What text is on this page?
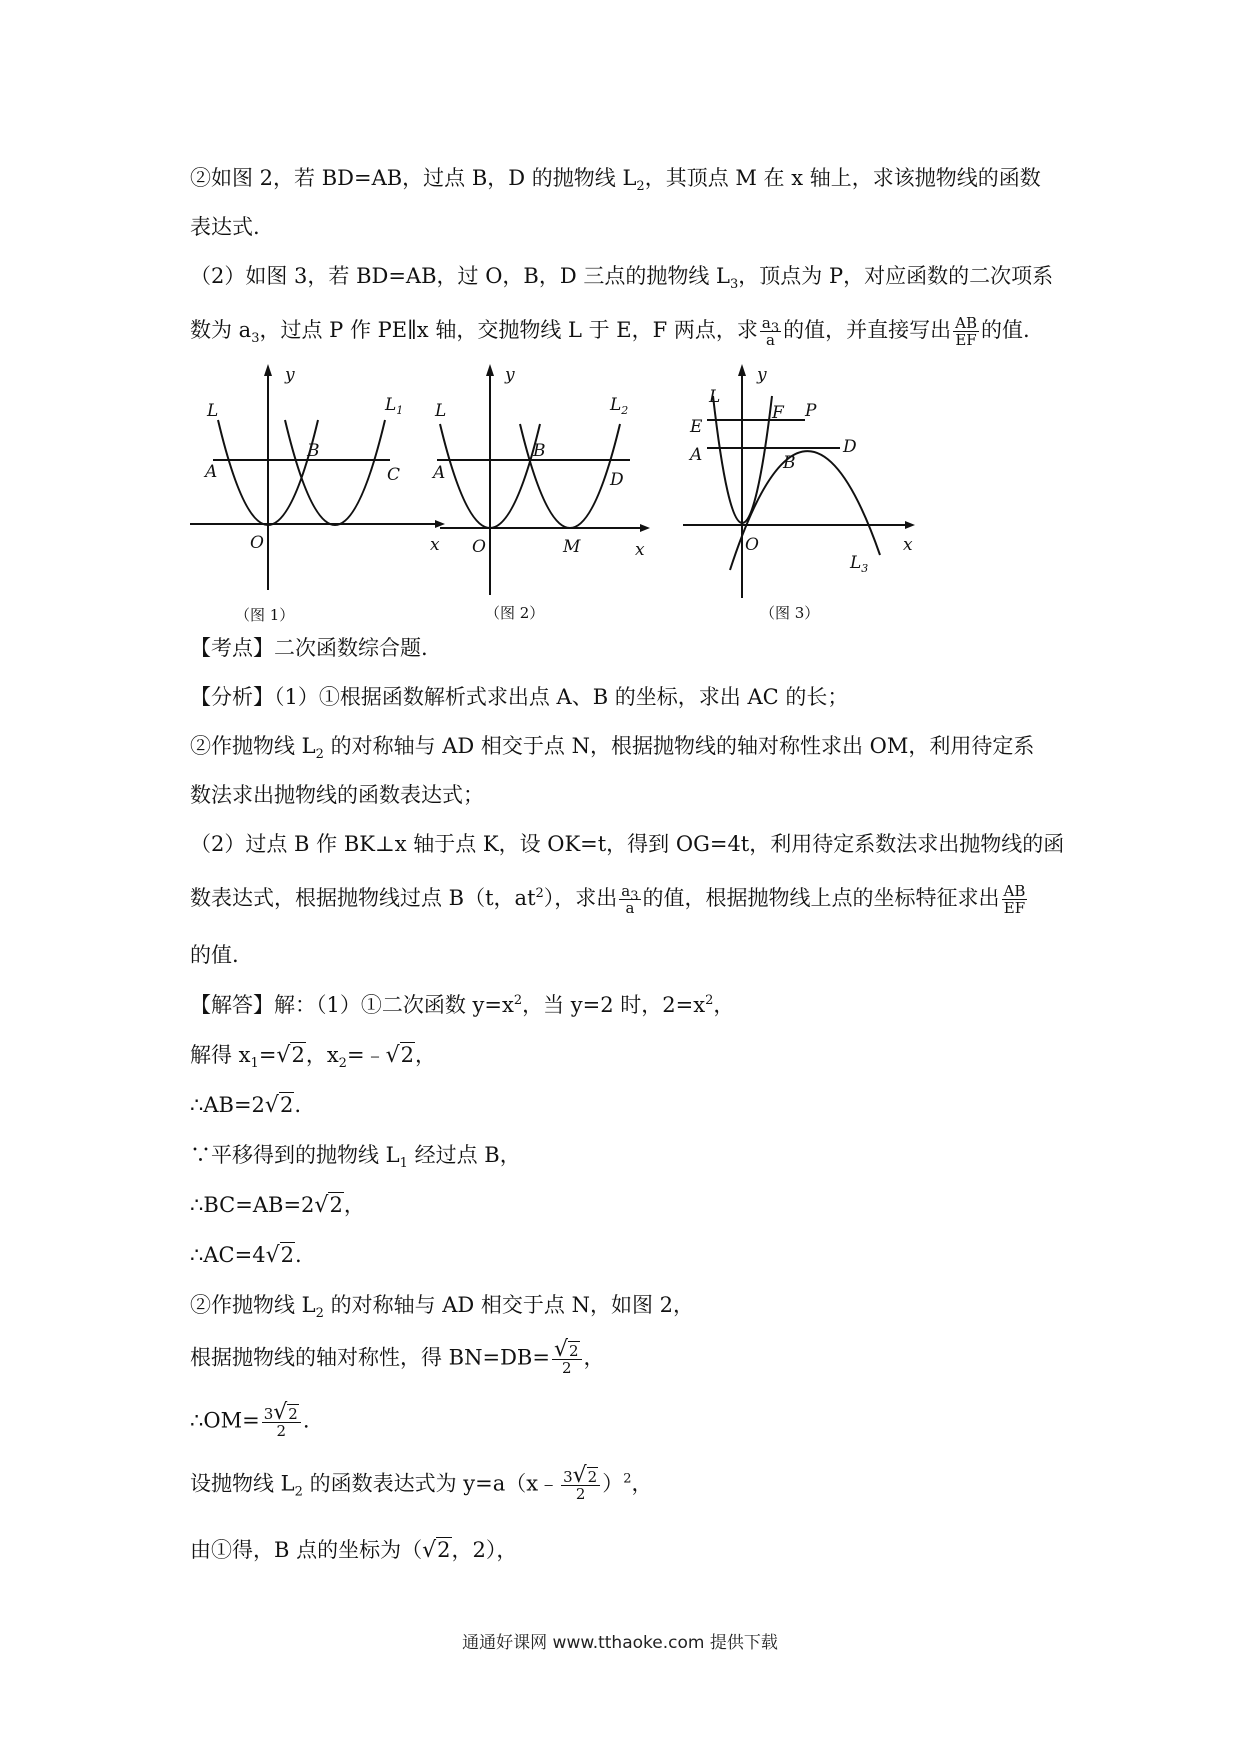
②如图 2，若 BD=AB，过点 B，D 的抛物线 $L_2$，其顶点 M 在 x 轴上，求该抛物线的函数
表达式.
（2）如图 3，若 BD=AB，过 O，B，D 三点的抛物线 $L_3$，顶点为 P，对应函数的二次项系
数为 $a_3$，过点 P 作 PE∥x 轴，交抛物线 L 于 E，F 两点，求 $\frac{a_3}{a}$ 的值，并直接写出 $\frac{AB}{EF}$ 的值.
y
x
O
L	$L_1$
A
B
C
（图 1）
y
x
O
L	$L_2$
A
B
D
M
（图 2）
y
x
O
L
$L_3$
E
A
F P
B
D
（图 3）
【考点】二次函数综合题.
【分析】（1）①根据函数解析式求出点 A、B 的坐标，求出 AC 的长；
②作抛物线 $L_2$ 的对称轴与 AD 相交于点 N，根据抛物线的轴对称性求出 OM，利用待定系
数法求出抛物线的函数表达式；
（2）过点 B 作 BK⊥x 轴于点 K，设 OK=t，得到 OG=4t，利用待定系数法求出抛物线的函
数表达式，根据抛物线过点 B（t，$at^2$），求出 $\frac{a_3}{a}$ 的值，根据抛物线上点的坐标特征求出 $\frac{AB}{EF}$
的值.
【解答】解：（1）①二次函数 $y=x^2$，当 y=2 时，$2=x^2$，
解得 $x_1=√2$，$x_2=﹣√2$，
∴AB=2√2.
∵平移得到的抛物线 $L_1$ 经过点 B，
∴BC=AB=2√2，
∴AC=4√2.
②作抛物线 $L_2$ 的对称轴与 AD 相交于点 N，如图 2，
根据抛物线的轴对称性，得 $BN=DB= \frac{√2}{2}$ ，
∴OM= $\frac{3√2}{2}$ .
设抛物线 $L_2$ 的函数表达式为 y=a（x﹣ $\frac{3√2}{2} )^2$，
由①得，B 点的坐标为（√2，2），
通通好课网 www.tthaoke.com 提供下载
